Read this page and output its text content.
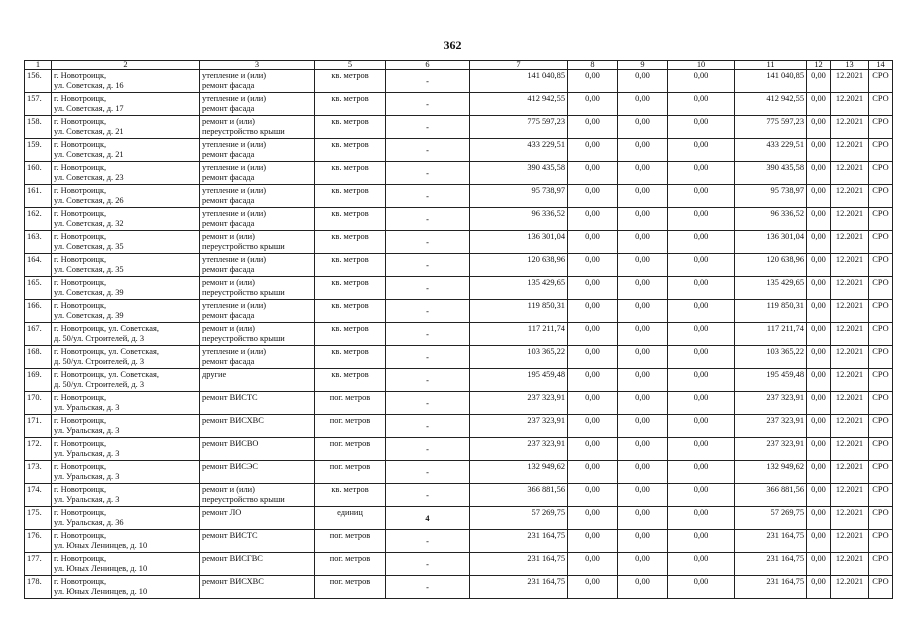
362
1	2	3	5	6	7	8	9	10	11	12	13	14
156.	г. Новотроицк,
ул. Советская, д. 16	утепление и (или)
ремонт фасада	кв. метров	-	141 040,85	0,00	0,00	0,00	141 040,85	0,00	12.2021	СРО
157.	г. Новотроицк,
ул. Советская, д. 17	утепление и (или)
ремонт фасада	кв. метров	-	412 942,55	0,00	0,00	0,00	412 942,55	0,00	12.2021	СРО
158.	г. Новотроицк,
ул. Советская, д. 21	ремонт и (или)
переустройство крыши	кв. метров	-	775 597,23	0,00	0,00	0,00	775 597,23	0,00	12.2021	СРО
159.	г. Новотроицк,
ул. Советская, д. 21	утепление и (или)
ремонт фасада	кв. метров	-	433 229,51	0,00	0,00	0,00	433 229,51	0,00	12.2021	СРО
160.	г. Новотроицк,
ул. Советская, д. 23	утепление и (или)
ремонт фасада	кв. метров	-	390 435,58	0,00	0,00	0,00	390 435,58	0,00	12.2021	СРО
161.	г. Новотроицк,
ул. Советская, д. 26	утепление и (или)
ремонт фасада	кв. метров	-	95 738,97	0,00	0,00	0,00	95 738,97	0,00	12.2021	СРО
162.	г. Новотроицк,
ул. Советская, д. 32	утепление и (или)
ремонт фасада	кв. метров	-	96 336,52	0,00	0,00	0,00	96 336,52	0,00	12.2021	СРО
163.	г. Новотроицк,
ул. Советская, д. 35	ремонт и (или)
переустройство крыши	кв. метров	-	136 301,04	0,00	0,00	0,00	136 301,04	0,00	12.2021	СРО
164.	г. Новотроицк,
ул. Советская, д. 35	утепление и (или)
ремонт фасада	кв. метров	-	120 638,96	0,00	0,00	0,00	120 638,96	0,00	12.2021	СРО
165.	г. Новотроицк,
ул. Советская, д. 39	ремонт и (или)
переустройство крыши	кв. метров	-	135 429,65	0,00	0,00	0,00	135 429,65	0,00	12.2021	СРО
166.	г. Новотроицк,
ул. Советская, д. 39	утепление и (или)
ремонт фасада	кв. метров	-	119 850,31	0,00	0,00	0,00	119 850,31	0,00	12.2021	СРО
167.	г. Новотроицк, ул. Советская,
д. 50/ул. Строителей, д. 3	ремонт и (или)
переустройство крыши	кв. метров	-	117 211,74	0,00	0,00	0,00	117 211,74	0,00	12.2021	СРО
168.	г. Новотроицк, ул. Советская,
д. 50/ул. Строителей, д. 3	утепление и (или)
ремонт фасада	кв. метров	-	103 365,22	0,00	0,00	0,00	103 365,22	0,00	12.2021	СРО
169.	г. Новотроицк, ул. Советская,
д. 50/ул. Строителей, д. 3	другие	кв. метров	-	195 459,48	0,00	0,00	0,00	195 459,48	0,00	12.2021	СРО
170.	г. Новотроицк,
ул. Уральская, д. 3	ремонт ВИСТС	пог. метров	-	237 323,91	0,00	0,00	0,00	237 323,91	0,00	12.2021	СРО
171.	г. Новотроицк,
ул. Уральская, д. 3	ремонт ВИСХВС	пог. метров	-	237 323,91	0,00	0,00	0,00	237 323,91	0,00	12.2021	СРО
172.	г. Новотроицк,
ул. Уральская, д. 3	ремонт ВИСВО	пог. метров	-	237 323,91	0,00	0,00	0,00	237 323,91	0,00	12.2021	СРО
173.	г. Новотроицк,
ул. Уральская, д. 3	ремонт ВИСЭС	пог. метров	-	132 949,62	0,00	0,00	0,00	132 949,62	0,00	12.2021	СРО
174.	г. Новотроицк,
ул. Уральская, д. 3	ремонт и (или)
переустройство крыши	кв. метров	-	366 881,56	0,00	0,00	0,00	366 881,56	0,00	12.2021	СРО
175.	г. Новотроицк,
ул. Уральская, д. 36	ремонт ЛО	единиц	4	57 269,75	0,00	0,00	0,00	57 269,75	0,00	12.2021	СРО
176.	г. Новотроицк,
ул. Юных Ленинцев, д. 10	ремонт ВИСТС	пог. метров	-	231 164,75	0,00	0,00	0,00	231 164,75	0,00	12.2021	СРО
177.	г. Новотроицк,
ул. Юных Ленинцев, д. 10	ремонт ВИСГВС	пог. метров	-	231 164,75	0,00	0,00	0,00	231 164,75	0,00	12.2021	СРО
178.	г. Новотроицк,
ул. Юных Ленинцев, д. 10	ремонт ВИСХВС	пог. метров	-	231 164,75	0,00	0,00	0,00	231 164,75	0,00	12.2021	СРО
